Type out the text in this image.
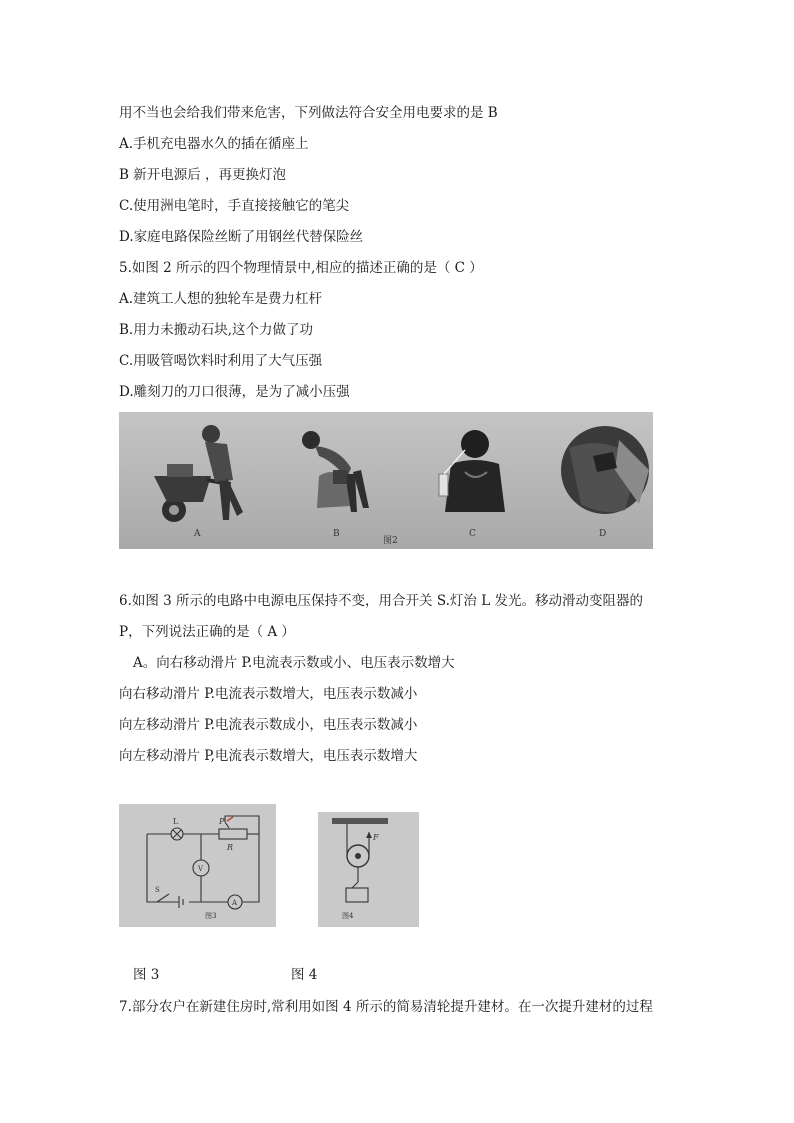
用不当也会给我们带来危害，下列做法符合安全用电要求的是 B
A.手机充电器水久的插在循座上
B 新开电源后 ，再更换灯泡
C.使用洲电笔时，手直接接触它的笔尖
D.家庭电路保险丝断了用钢丝代替保险丝
5.如图 2 所示的四个物理情景中,相应的描述正确的是（ C ）
A.建筑工人想的独轮车是费力杠杆
B.用力未搬动石块,这个力做了功
C.用吸管喝饮料时利用了大气压强
D.雕刻刀的刀口很薄，是为了减小压强
A	B	C	D
图2
6.如图 3 所示的电路中电源电压保持不变，用合开关 S.灯治 L 发光。移动滑动变阻器的
P，下列说法正确的是（ A ）
A。向右移动滑片 P.电流表示数或小、电压表示数增大
向右移动滑片 P.电流表示数增大，电压表示数减小
向左移动滑片 P.电流表示数成小，电压表示数减小
向左移动滑片 P,电流表示数增大，电压表示数增大
L	P
R
V
S
A
图3
F
图4
图 3	图 4
7.部分农户在新建住房时,常利用如图 4 所示的简易清轮提升建材。在一次提升建材的过程
